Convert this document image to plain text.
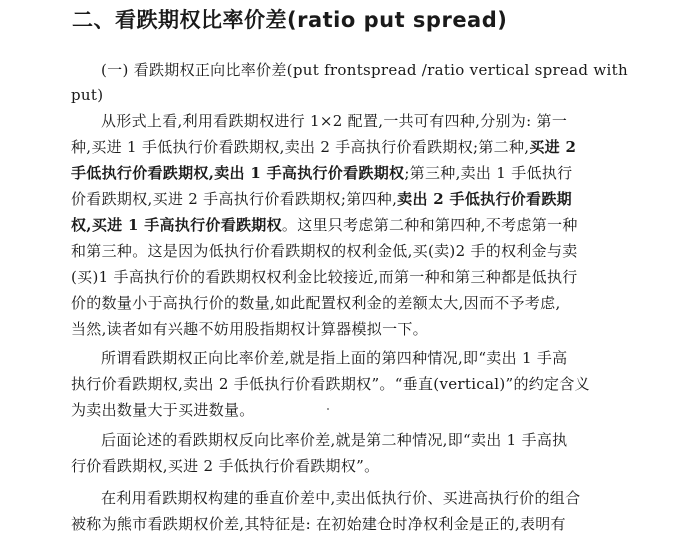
二、看跌期权比率价差(ratio put spread)
(一) 看跌期权正向比率价差(put frontspread /ratio vertical spread with
put)
从形式上看,利用看跌期权进行 1×2 配置,一共可有四种,分别为: 第一
种,买进 1 手低执行价看跌期权,卖出 2 手高执行价看跌期权;第二种,买进 2
手低执行价看跌期权,卖出 1 手高执行价看跌期权;第三种,卖出 1 手低执行
价看跌期权,买进 2 手高执行价看跌期权;第四种,卖出 2 手低执行价看跌期
权,买进 1 手高执行价看跌期权。这里只考虑第二种和第四种,不考虑第一种
和第三种。这是因为低执行价看跌期权的权利金低,买(卖)2 手的权利金与卖
(买)1 手高执行价的看跌期权权利金比较接近,而第一种和第三种都是低执行
价的数量小于高执行价的数量,如此配置权利金的差额太大,因而不予考虑,
当然,读者如有兴趣不妨用股指期权计算器模拟一下。
所谓看跌期权正向比率价差,就是指上面的第四种情况,即“卖出 1 手高
执行价看跌期权,卖出 2 手低执行价看跌期权”。“垂直(vertical)”的约定含义
为卖出数量大于买进数量。
后面论述的看跌期权反向比率价差,就是第二种情况,即“卖出 1 手高执
行价看跌期权,买进 2 手低执行价看跌期权”。
在利用看跌期权构建的垂直价差中,卖出低执行价、买进高执行价的组合
被称为熊市看跌期权价差,其特征是: 在初始建仓时净权利金是正的,表明有
